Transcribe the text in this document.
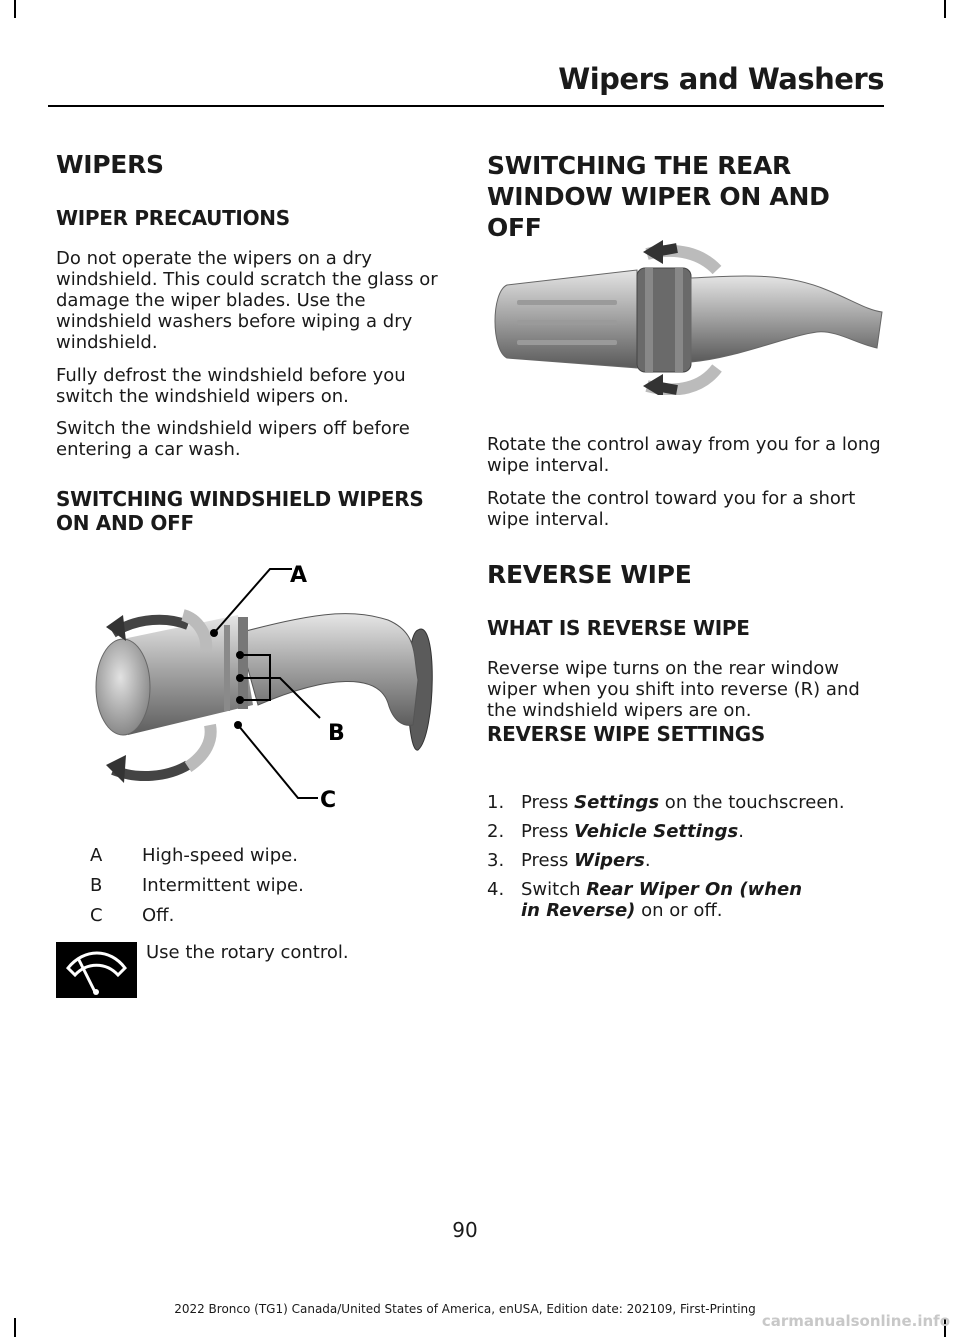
Wipers and Washers
WIPERS
WIPER PRECAUTIONS

Do not operate the wipers on a dry windshield. This could scratch the glass or damage the wiper blades. Use the windshield washers before wiping a dry windshield.

Fully defrost the windshield before you switch the windshield wipers on.

Switch the windshield wipers off before entering a car wash.

SWITCHING WINDSHIELD WIPERS ON AND OFF
A
B
C
A	High-speed wipe.
B	Intermittent wipe.
C	Off.

Use the rotary control.

SWITCHING THE REAR WINDOW WIPER ON AND OFF

Rotate the control away from you for a long wipe interval.

Rotate the control toward you for a short wipe interval.

REVERSE WIPE
WHAT IS REVERSE WIPE

Reverse wipe turns on the rear window wiper when you shift into reverse (R) and the windshield wipers are on.

REVERSE WIPE SETTINGS
1. Press Settings on the touchscreen.
2. Press Vehicle Settings.
3. Press Wipers.
4. Switch Rear Wiper On (when in Reverse) on or off.
90
2022 Bronco (TG1) Canada/United States of America, enUSA, Edition date: 202109, First-Printing
carmanualsonline.info
